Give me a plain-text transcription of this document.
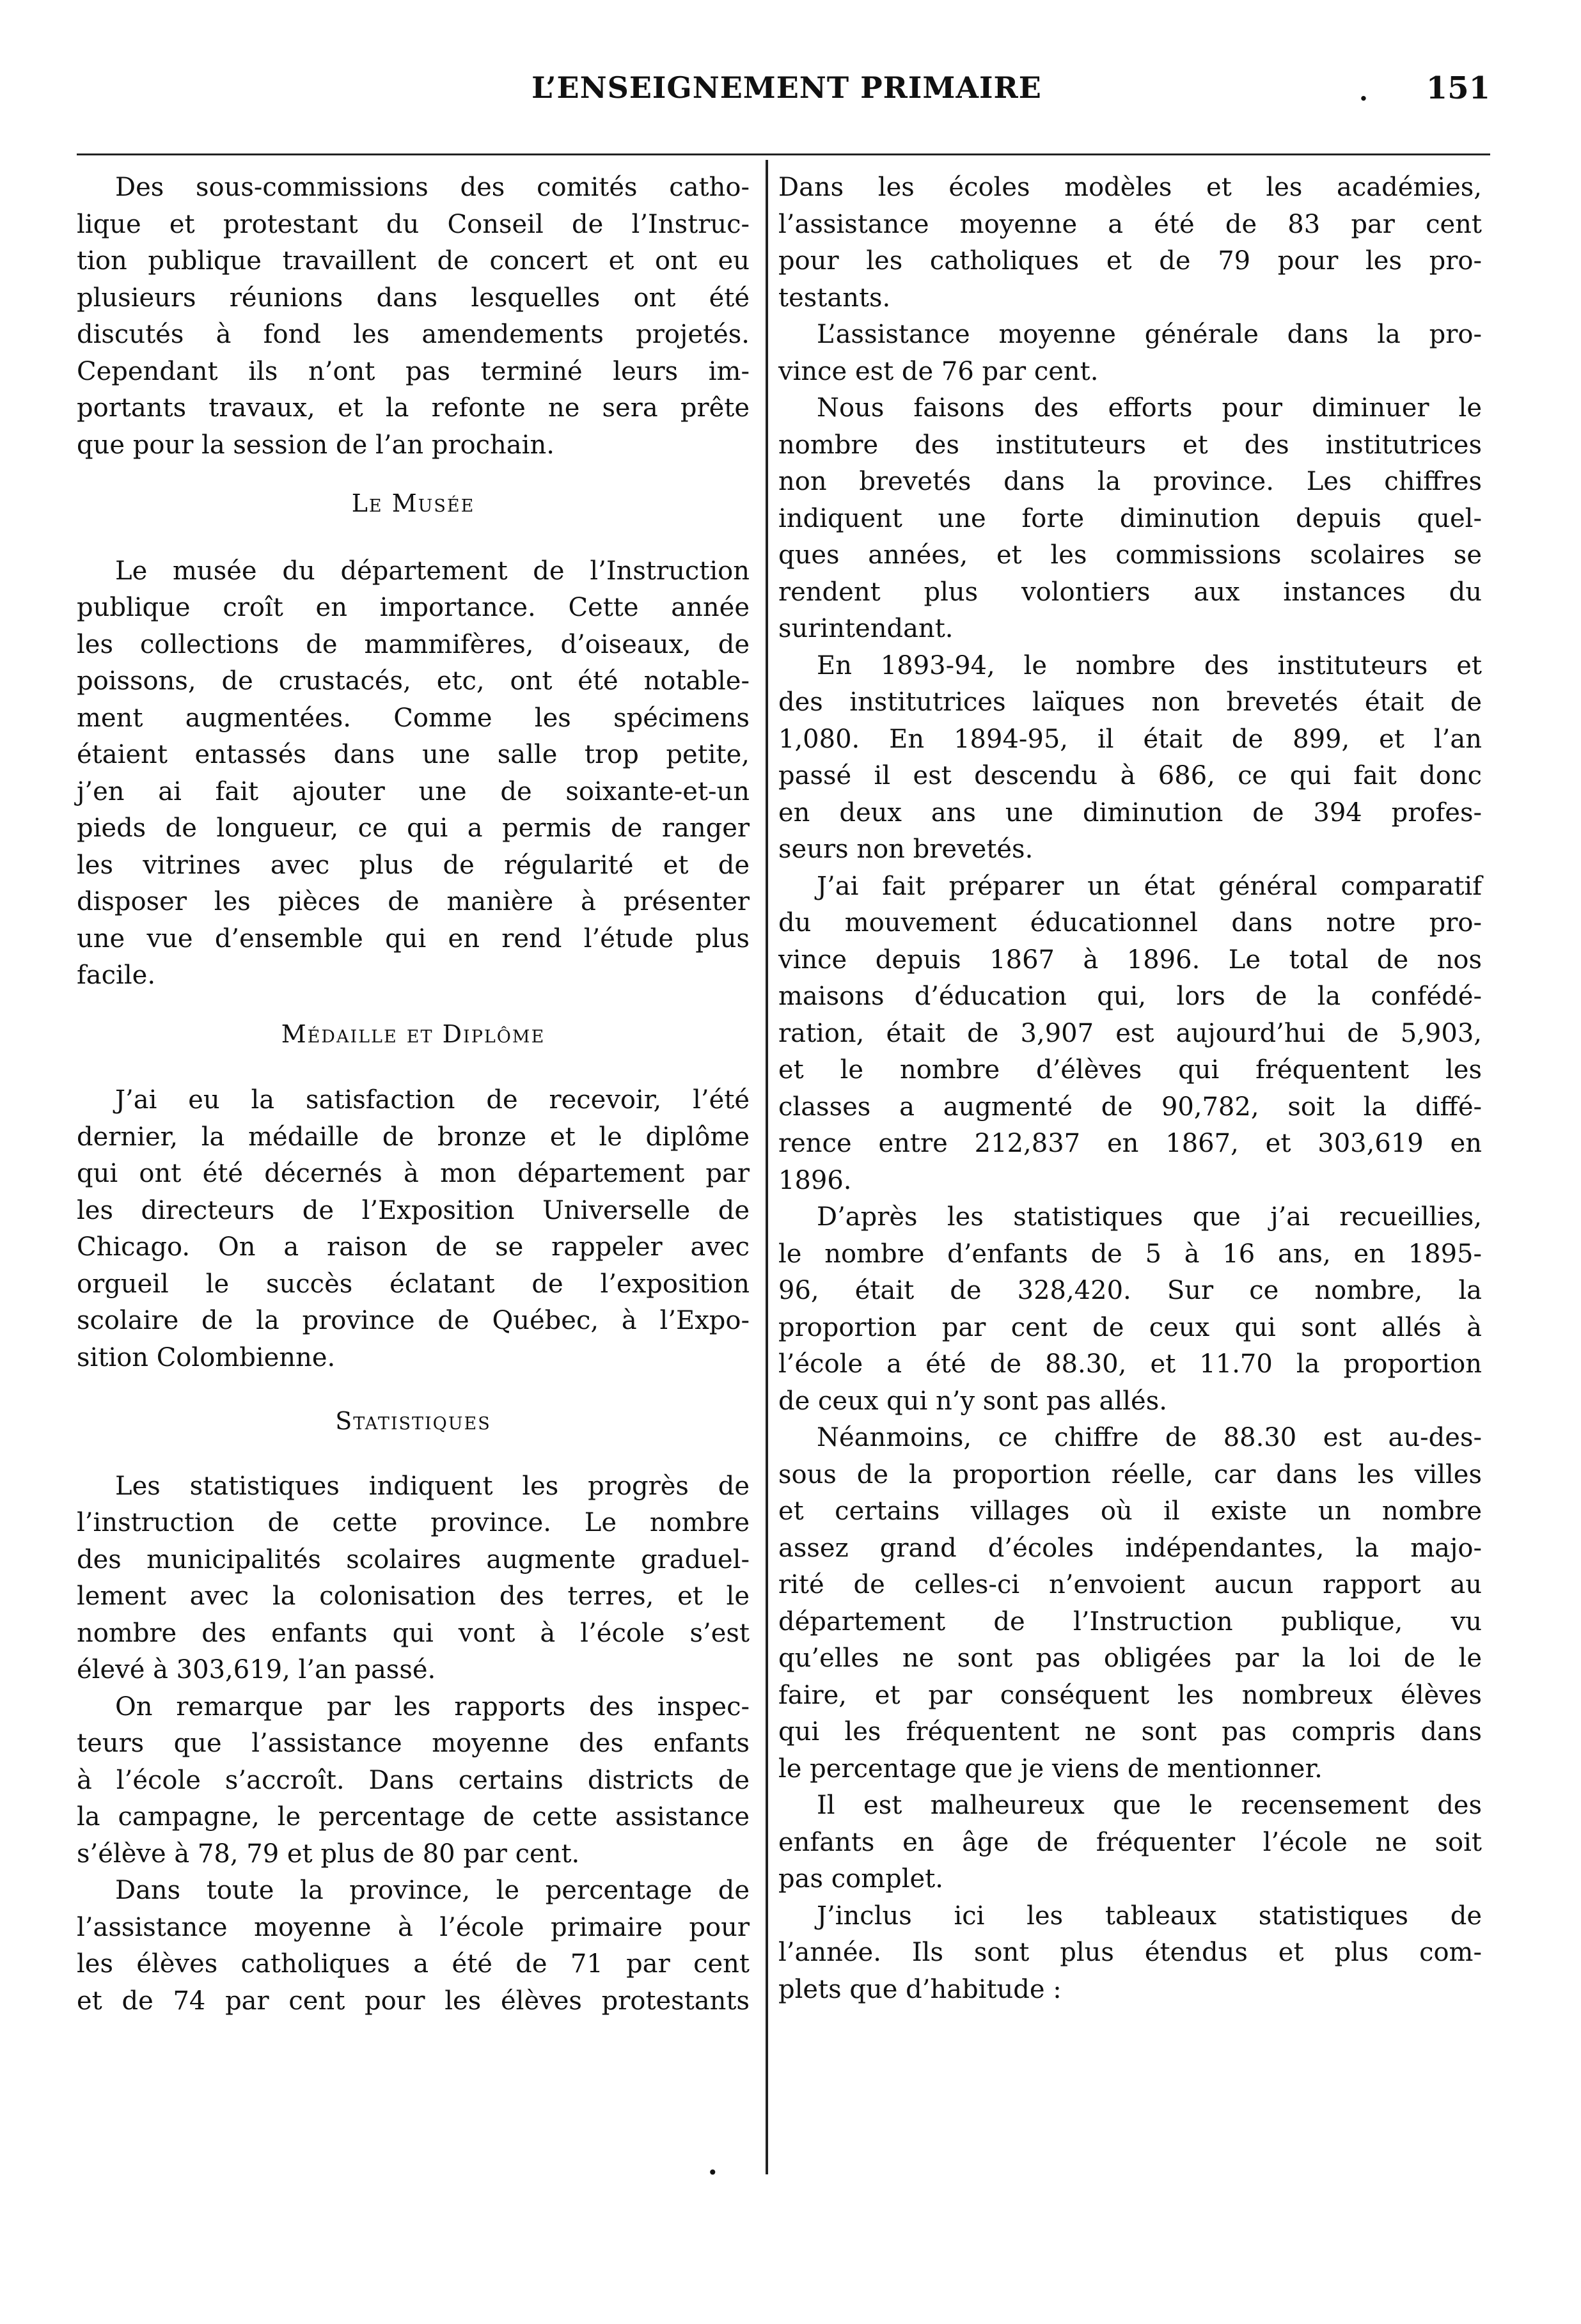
L’ENSEIGNEMENT PRIMAIRE	. 151
Des sous-commissions des comités catho-
lique et protestant du Conseil de l’Instruc-
tion publique travaillent de concert et ont eu
plusieurs réunions dans lesquelles ont été
discutés à fond les amendements projetés.
Cependant ils n’ont pas terminé leurs im-
portants travaux, et la refonte ne sera prête
que pour la session de l’an prochain.
Le Musée
Le musée du département de l’Instruction
publique croît en importance. Cette année
les collections de mammifères, d’oiseaux, de
poissons, de crustacés, etc, ont été notable-
ment augmentées. Comme les spécimens
étaient entassés dans une salle trop petite,
j’en ai fait ajouter une de soixante-et-un
pieds de longueur, ce qui a permis de ranger
les vitrines avec plus de régularité et de
disposer les pièces de manière à présenter
une vue d’ensemble qui en rend l’étude plus
facile.
Médaille et Diplôme
J’ai eu la satisfaction de recevoir, l’été
dernier, la médaille de bronze et le diplôme
qui ont été décernés à mon département par
les directeurs de l’Exposition Universelle de
Chicago. On a raison de se rappeler avec
orgueil le succès éclatant de l’exposition
scolaire de la province de Québec, à l’Expo-
sition Colombienne.
Statistiques
Les statistiques indiquent les progrès de
l’instruction de cette province. Le nombre
des municipalités scolaires augmente graduel-
lement avec la colonisation des terres, et le
nombre des enfants qui vont à l’école s’est
élevé à 303,619, l’an passé.
On remarque par les rapports des inspec-
teurs que l’assistance moyenne des enfants
à l’école s’accroît. Dans certains districts de
la campagne, le percentage de cette assistance
s’élève à 78, 79 et plus de 80 par cent.
Dans toute la province, le percentage de
l’assistance moyenne à l’école primaire pour
les élèves catholiques a été de 71 par cent
et de 74 par cent pour les élèves protestants
Dans les écoles modèles et les académies,
l’assistance moyenne a été de 83 par cent
pour les catholiques et de 79 pour les pro-
testants.
L’assistance moyenne générale dans la pro-
vince est de 76 par cent.
Nous faisons des efforts pour diminuer le
nombre des instituteurs et des institutrices
non brevetés dans la province. Les chiffres
indiquent une forte diminution depuis quel-
ques années, et les commissions scolaires se
rendent plus volontiers aux instances du
surintendant.
En 1893-94, le nombre des instituteurs et
des institutrices laïques non brevetés était de
1,080. En 1894-95, il était de 899, et l’an
passé il est descendu à 686, ce qui fait donc
en deux ans une diminution de 394 profes-
seurs non brevetés.
J’ai fait préparer un état général comparatif
du mouvement éducationnel dans notre pro-
vince depuis 1867 à 1896. Le total de nos
maisons d’éducation qui, lors de la confédé-
ration, était de 3,907 est aujourd’hui de 5,903,
et le nombre d’élèves qui fréquentent les
classes a augmenté de 90,782, soit la diffé-
rence entre 212,837 en 1867, et 303,619 en
1896.
D’après les statistiques que j’ai recueillies,
le nombre d’enfants de 5 à 16 ans, en 1895-
96, était de 328,420. Sur ce nombre, la
proportion par cent de ceux qui sont allés à
l’école a été de 88.30, et 11.70 la proportion
de ceux qui n’y sont pas allés.
Néanmoins, ce chiffre de 88.30 est au-des-
sous de la proportion réelle, car dans les villes
et certains villages où il existe un nombre
assez grand d’écoles indépendantes, la majo-
rité de celles-ci n’envoient aucun rapport au
département de l’Instruction publique, vu
qu’elles ne sont pas obligées par la loi de le
faire, et par conséquent les nombreux élèves
qui les fréquentent ne sont pas compris dans
le percentage que je viens de mentionner.
Il est malheureux que le recensement des
enfants en âge de fréquenter l’école ne soit
pas complet.
J’inclus ici les tableaux statistiques de
l’année. Ils sont plus étendus et plus com-
plets que d’habitude :
•
